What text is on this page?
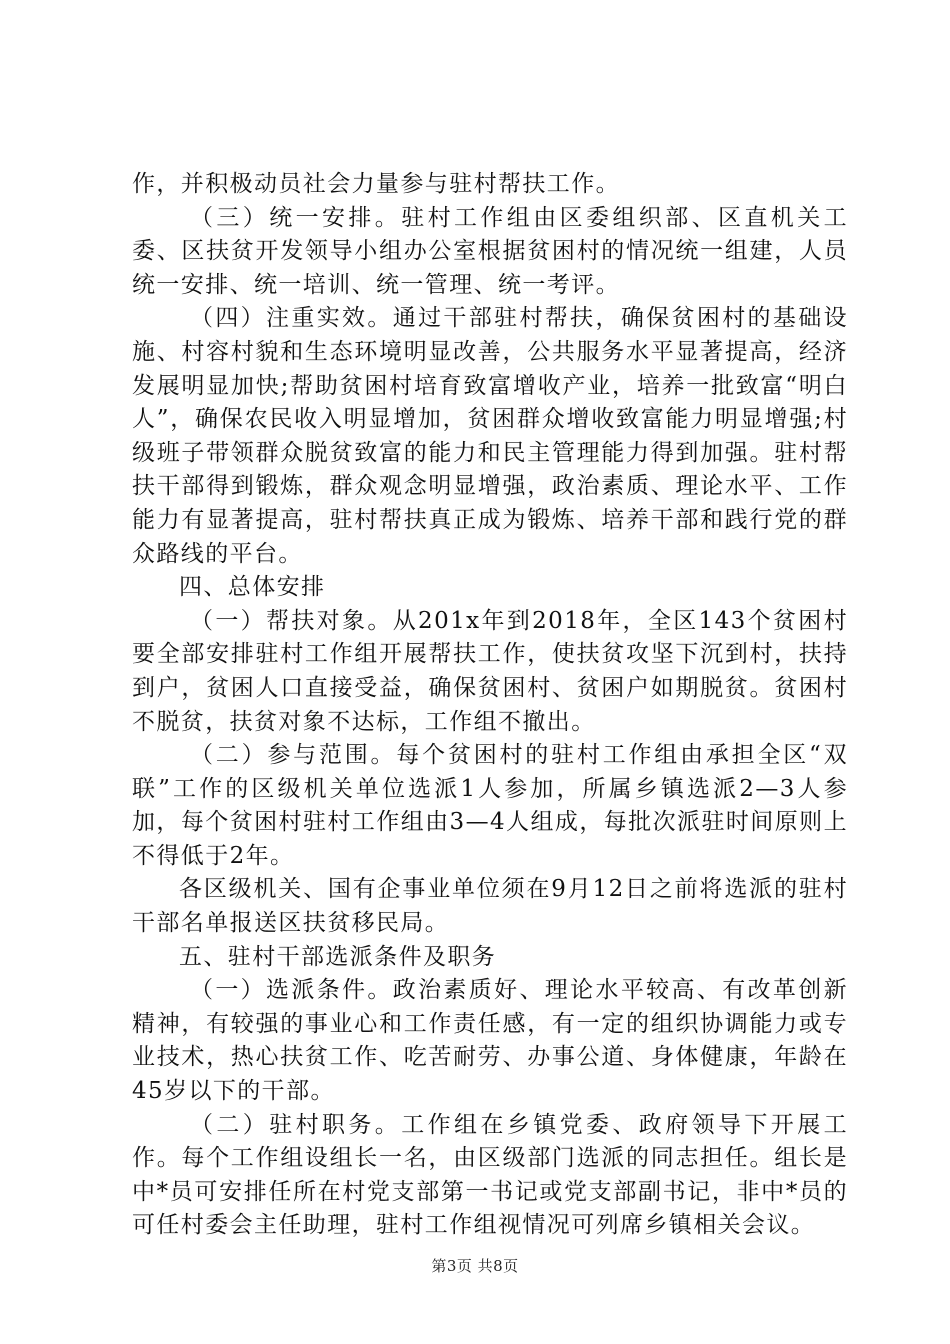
作，并积极动员社会力量参与驻村帮扶工作。

（三）统一安排。驻村工作组由区委组织部、区直机关工委、区扶贫开发领导小组办公室根据贫困村的情况统一组建，人员统一安排、统一培训、统一管理、统一考评。

（四）注重实效。通过干部驻村帮扶，确保贫困村的基础设施、村容村貌和生态环境明显改善，公共服务水平显著提高，经济发展明显加快;帮助贫困村培育致富增收产业，培养一批致富“明白人”，确保农民收入明显增加，贫困群众增收致富能力明显增强;村级班子带领群众脱贫致富的能力和民主管理能力得到加强。驻村帮扶干部得到锻炼，群众观念明显增强，政治素质、理论水平、工作能力有显著提高，驻村帮扶真正成为锻炼、培养干部和践行党的群众路线的平台。

四、总体安排

（一）帮扶对象。从201x年到2018年，全区143个贫困村要全部安排驻村工作组开展帮扶工作，使扶贫攻坚下沉到村，扶持到户，贫困人口直接受益，确保贫困村、贫困户如期脱贫。贫困村不脱贫，扶贫对象不达标，工作组不撤出。

（二）参与范围。每个贫困村的驻村工作组由承担全区“双联”工作的区级机关单位选派1人参加，所属乡镇选派2—3人参加，每个贫困村驻村工作组由3—4人组成，每批次派驻时间原则上不得低于2年。

各区级机关、国有企事业单位须在9月12日之前将选派的驻村干部名单报送区扶贫移民局。

五、驻村干部选派条件及职务

（一）选派条件。政治素质好、理论水平较高、有改革创新精神，有较强的事业心和工作责任感，有一定的组织协调能力或专业技术，热心扶贫工作、吃苦耐劳、办事公道、身体健康，年龄在45岁以下的干部。

（二）驻村职务。工作组在乡镇党委、政府领导下开展工作。每个工作组设组长一名，由区级部门选派的同志担任。组长是中*员可安排任所在村党支部第一书记或党支部副书记，非中*员的可任村委会主任助理，驻村工作组视情况可列席乡镇相关会议。

第3页 共8页
